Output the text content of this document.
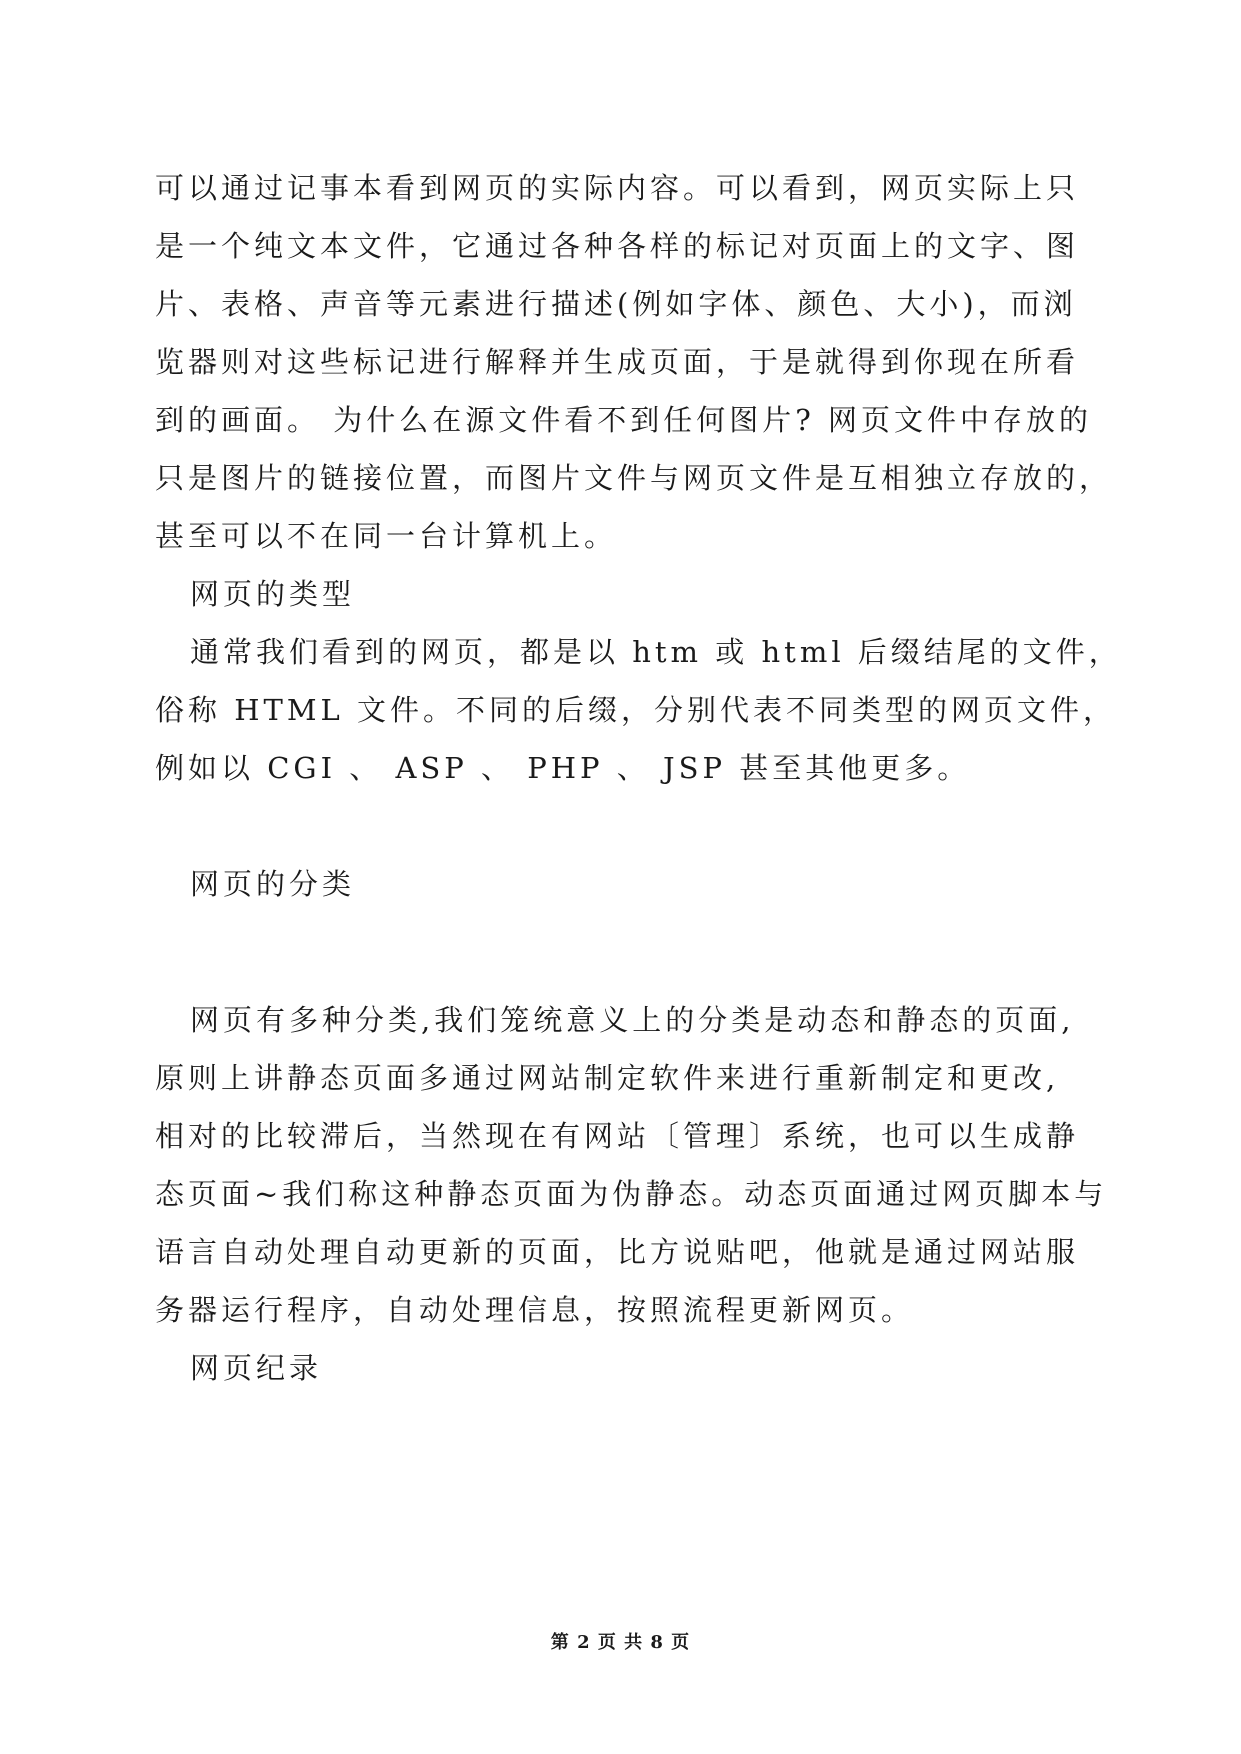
可以通过记事本看到网页的实际内容。可以看到，网页实际上只
是一个纯文本文件，它通过各种各样的标记对页面上的文字、图
片、表格、声音等元素进行描述(例如字体、颜色、大小)，而浏
览器则对这些标记进行解释并生成页面，于是就得到你现在所看
到的画面。 为什么在源文件看不到任何图片? 网页文件中存放的
只是图片的链接位置，而图片文件与网页文件是互相独立存放的，
甚至可以不在同一台计算机上。
网页的类型
通常我们看到的网页，都是以 htm 或 html 后缀结尾的文件，
俗称 HTML 文件。不同的后缀，分别代表不同类型的网页文件，
例如以 CGI 、 ASP 、 PHP 、 JSP 甚至其他更多。
网页的分类
网页有多种分类,我们笼统意义上的分类是动态和静态的页面,
原则上讲静态页面多通过网站制定软件来进行重新制定和更改,
相对的比较滞后，当然现在有网站〔管理〕系统，也可以生成静
态页面~我们称这种静态页面为伪静态。动态页面通过网页脚本与
语言自动处理自动更新的页面，比方说贴吧，他就是通过网站服
务器运行程序，自动处理信息，按照流程更新网页。
网页纪录
第 2 页 共 8 页
